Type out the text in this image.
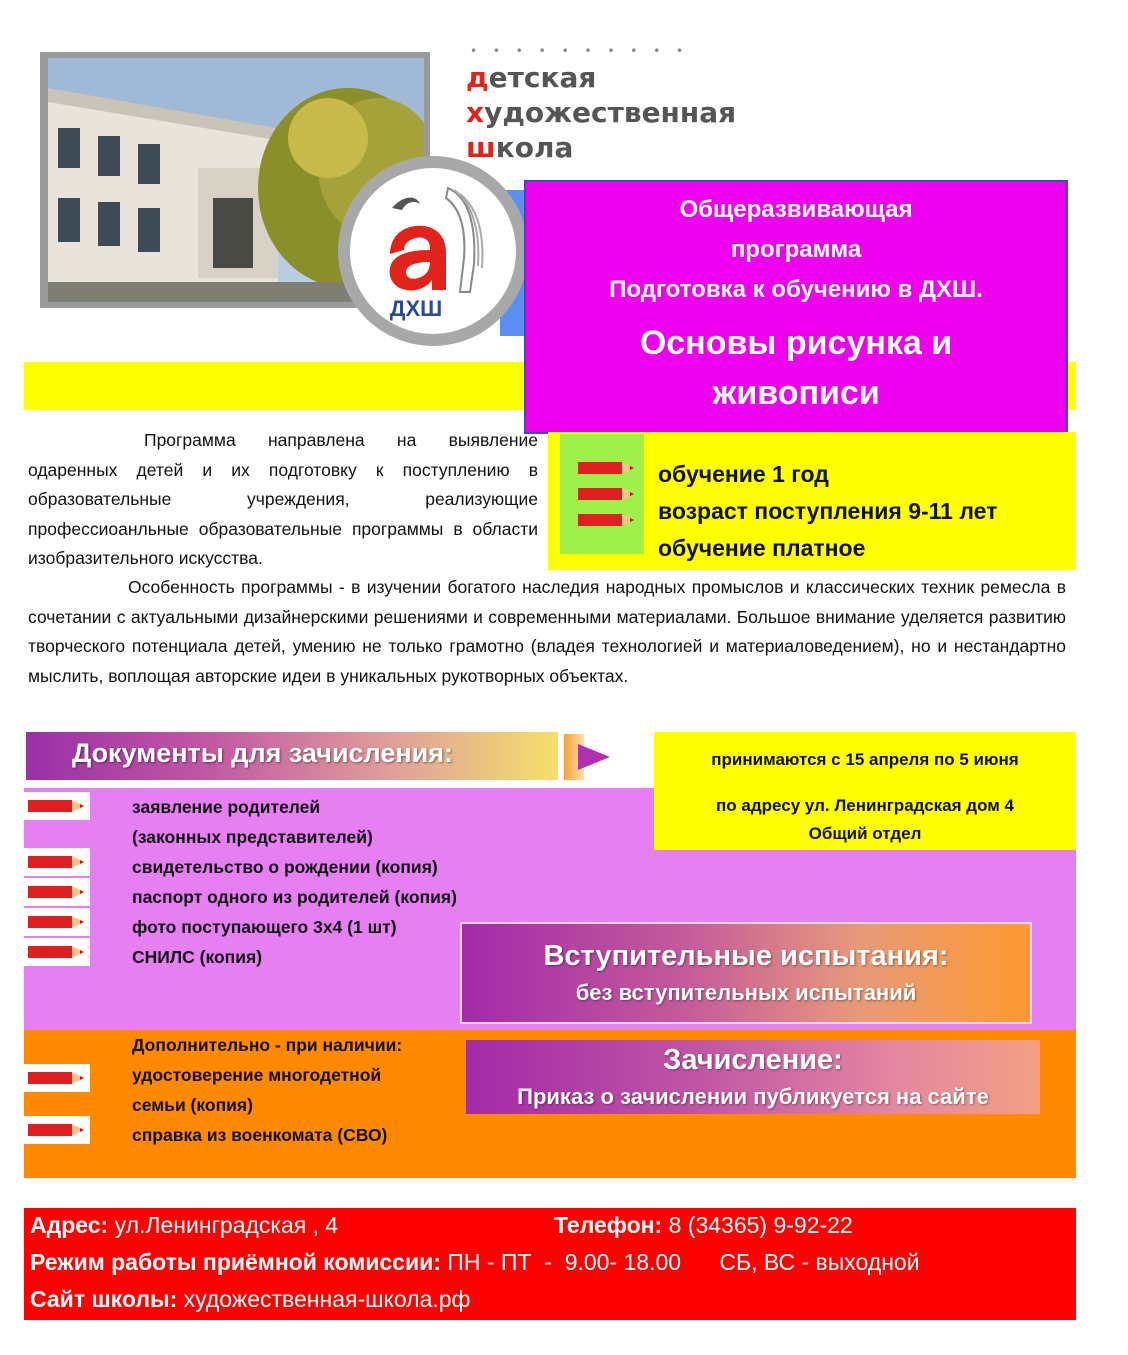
ДХШ
• • • • • • • • • •
детская
художественная
школа
Общеразвивающая
программа
Подготовка к обучению в ДХШ.
Основы рисунка и
живописи
обучение 1 год
возраст поступления 9-11 лет
обучение платное
Программа направлена на выявление одаренных детей и их подготовку к поступлению в образовательные учреждения, реализующие профессиоанльные образовательные программы в области изобразительного искусства.
Особенность программы - в изучении богатого наследия народных промыслов и классических техник ремесла в сочетании с актуальными дизайнерскими решениями и современными материалами. Большое внимание уделяется развитию творческого потенциала детей, умению не только грамотно (владея технологией и материаловедением), но и нестандартно мыслить, воплощая авторские идеи в уникальных рукотворных объектах.
Документы для зачисления:	принимаются с 15 апреля по 5 июня
по адресу ул. Ленинградская дом 4
Общий отдел
заявление родителей
(законных представителей)
свидетельство о рождении (копия)
паспорт одного из родителей (копия)
фото поступающего 3х4 (1 шт)
СНИЛС (копия)	Вступительные испытания:
без вступительных испытаний
Дополнительно - при наличии:
удостоверение многодетной
семьи (копия)
справка из военкомата (СВО)
Зачисление:
Приказ о зачислении публикуется на сайте
Адрес: ул.Ленинградская , 4	Телефон: 8 (34365) 9-92-22
Режим работы приёмной комиссии: ПН - ПТ  -  9.00- 18.00      СБ, ВС - выходной
Сайт школы: художественная-школа.рф
